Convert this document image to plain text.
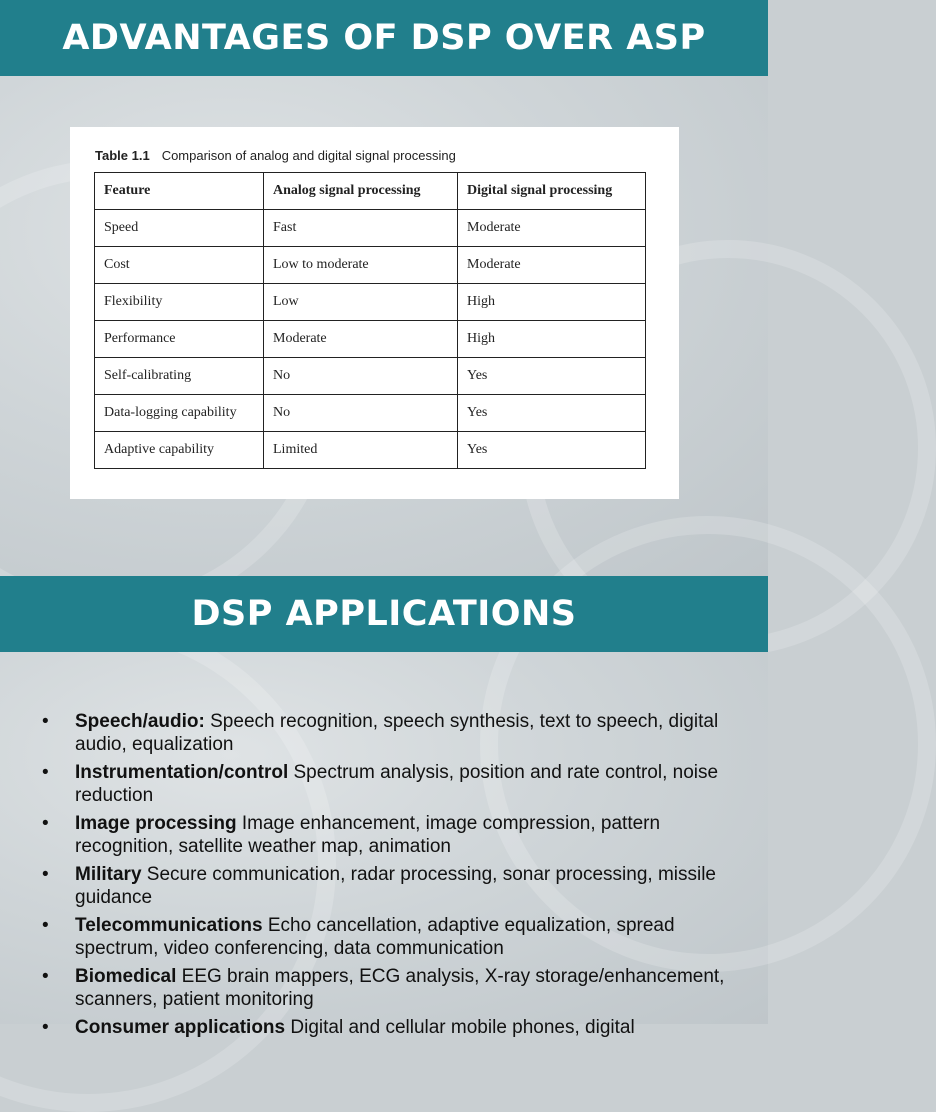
ADVANTAGES OF DSP OVER ASP
Table 1.1 Comparison of analog and digital signal processing
Feature	Analog signal processing	Digital signal processing
Speed	Fast	Moderate
Cost	Low to moderate	Moderate
Flexibility	Low	High
Performance	Moderate	High
Self-calibrating	No	Yes
Data-logging capability	No	Yes
Adaptive capability	Limited	Yes
DSP APPLICATIONS
• Speech/audio: Speech recognition, speech synthesis, text to speech, digital audio, equalization
• Instrumentation/control Spectrum analysis, position and rate control, noise reduction
• Image processing Image enhancement, image compression, pattern recognition, satellite weather map, animation
• Military Secure communication, radar processing, sonar processing, missile guidance
• Telecommunications Echo cancellation, adaptive equalization, spread spectrum, video conferencing, data communication
• Biomedical EEG brain mappers, ECG analysis, X-ray storage/enhancement, scanners, patient monitoring
• Consumer applications Digital and cellular mobile phones, digital
